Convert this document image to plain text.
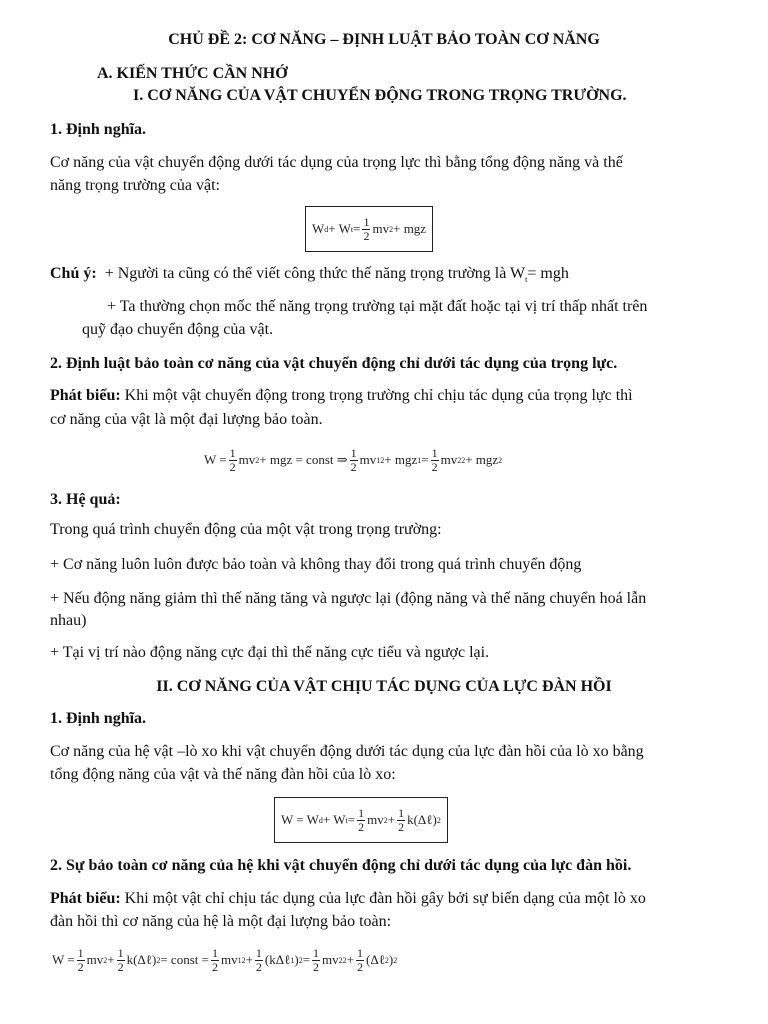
CHỦ ĐỀ 2: CƠ NĂNG – ĐỊNH LUẬT BẢO TOÀN CƠ NĂNG
A. KIẾN THỨC CẦN NHỚ
I. CƠ NĂNG CỦA VẬT CHUYỂN ĐỘNG TRONG TRỌNG TRƯỜNG.
1. Định nghĩa.
Cơ năng của vật chuyển động dưới tác dụng của trọng lực thì bằng tổng động năng và thế
năng trọng trường của vật:
W d + W $t = \frac{1}{2}$ mv 2 + mgz
Chú ý: + Người ta cũng có thể viết công thức thế năng trọng trường là $W_t=$ mgh
+ Ta thường chọn mốc thế năng trọng trường tại mặt đất hoặc tại vị trí thấp nhất trên
quỹ đạo chuyển động của vật.
2. Định luật bảo toàn cơ năng của vật chuyển động chỉ dưới tác dụng của trọng lực.
Phát biểu: Khi một vật chuyển động trong trọng trường chỉ chịu tác dụng của trọng lực thì
cơ năng của vật là một đại lượng bảo toàn.
$W = \frac{1}{2}$ mv 2 + mgz = const ⇒ $\frac{1}{2}$ mv 1 2 + mgz $1 = \frac{1}{2}$ mv 2 2 + mgz 2
3. Hệ quả:
Trong quá trình chuyển động của một vật trong trọng trường:
+ Cơ năng luôn luôn được bảo toàn và không thay đổi trong quá trình chuyển động
+ Nếu động năng giảm thì thế năng tăng và ngược lại (động năng và thế năng chuyển hoá lẫn
nhau)
+ Tại vị trí nào động năng cực đại thì thế năng cực tiểu và ngược lại.
II. CƠ NĂNG CỦA VẬT CHỊU TÁC DỤNG CỦA LỰC ĐÀN HỒI
1. Định nghĩa.
Cơ năng của hệ vật –lò xo khi vật chuyển động dưới tác dụng của lực đàn hồi của lò xo bằng
tổng động năng của vật và thế năng đàn hồi của lò xo:
W = W d + W $t = \frac{1}{2}$ mv $2 + \frac{1}{2}$ k(Δℓ) 2
2. Sự bảo toàn cơ năng của hệ khi vật chuyển động chỉ dưới tác dụng của lực đàn hồi.
Phát biểu: Khi một vật chỉ chịu tác dụng của lực đàn hồi gây bởi sự biến dạng của một lò xo
đàn hồi thì cơ năng của hệ là một đại lượng bảo toàn:
$W = \frac{1}{2}$ mv $2 + \frac{1}{2}$ k(Δℓ) 2 = const = $\frac{1}{2}$ mv 1 $2 + \frac{1}{2}$ (kΔℓ 1 ) $2 = \frac{1}{2}$ mv 2 $2 + \frac{1}{2}$ (Δℓ 2 ) 2
